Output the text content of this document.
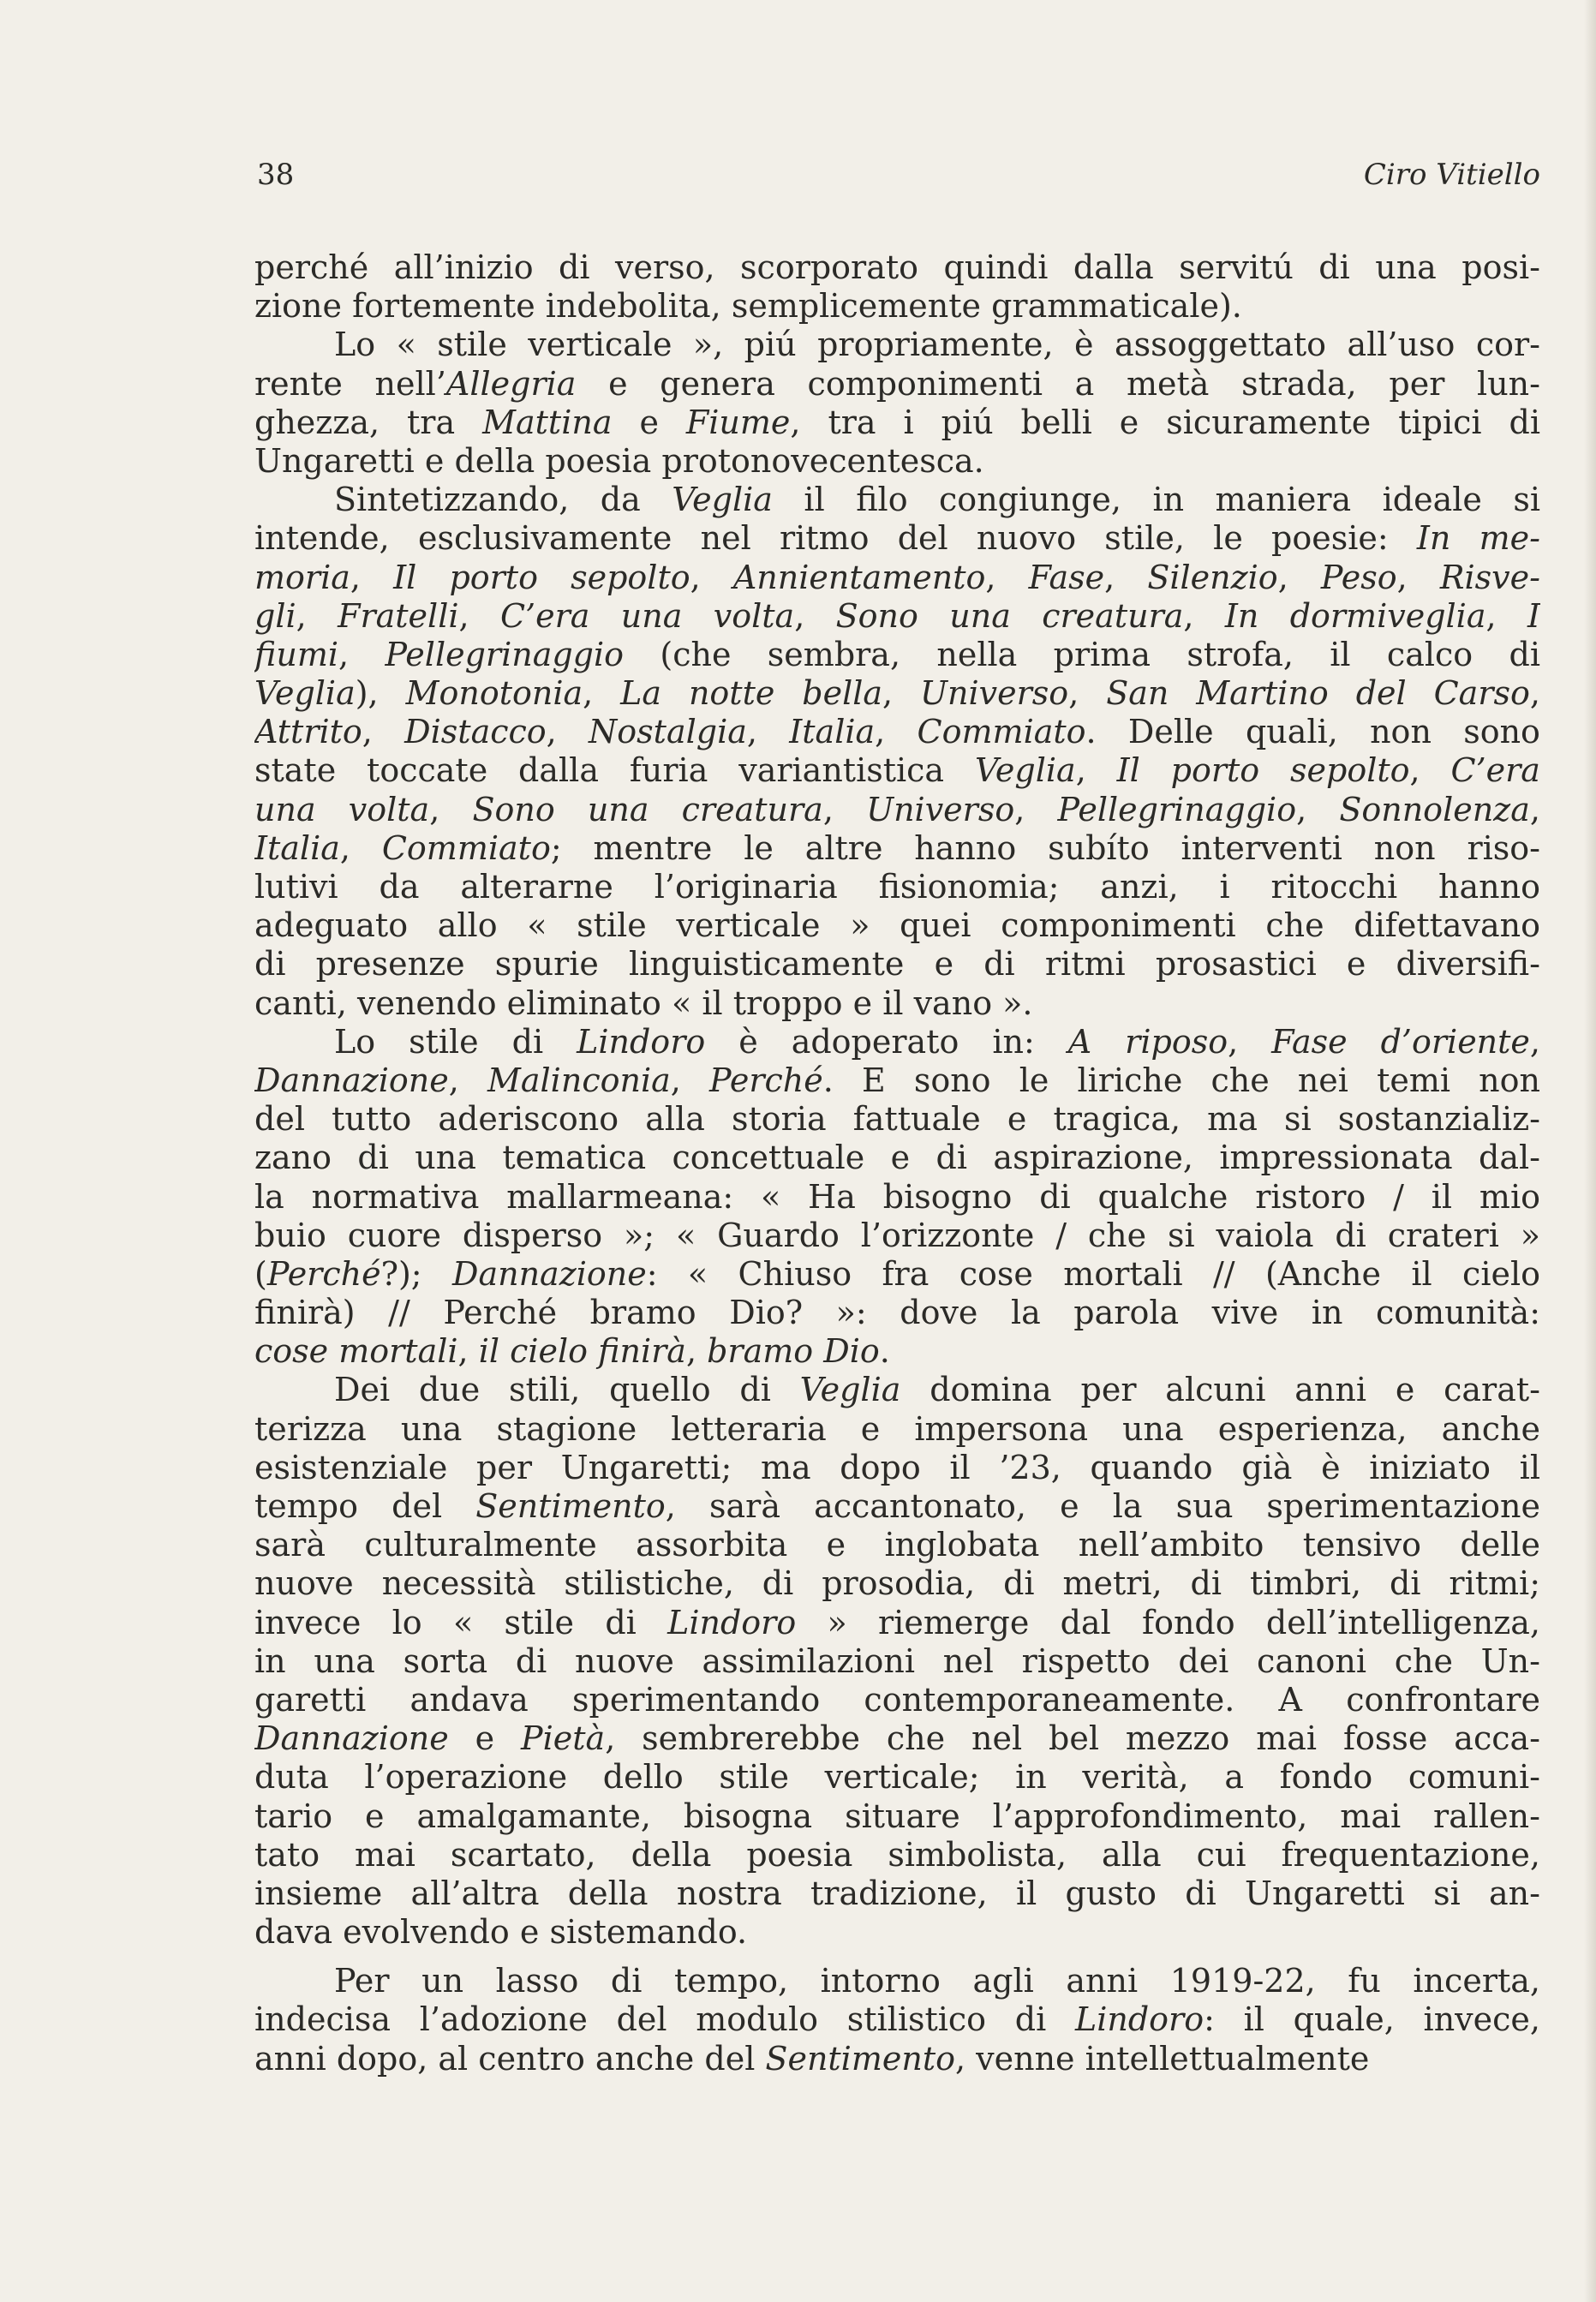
38	Ciro Vitiello
perché all’inizio di verso, scorporato quindi dalla servitú di una posi-
zione fortemente indebolita, semplicemente grammaticale).
Lo « stile verticale », piú propriamente, è assoggettato all’uso cor-
rente nell’Allegria e genera componimenti a metà strada, per lun-
ghezza, tra Mattina e Fiume, tra i piú belli e sicuramente tipici di
Ungaretti e della poesia protonovecentesca.
Sintetizzando, da Veglia il filo congiunge, in maniera ideale si
intende, esclusivamente nel ritmo del nuovo stile, le poesie: In me-
moria, Il porto sepolto, Annientamento, Fase, Silenzio, Peso, Risve-
gli, Fratelli, C’era una volta, Sono una creatura, In dormiveglia, I
fiumi, Pellegrinaggio (che sembra, nella prima strofa, il calco di
Veglia), Monotonia, La notte bella, Universo, San Martino del Carso,
Attrito, Distacco, Nostalgia, Italia, Commiato. Delle quali, non sono
state toccate dalla furia variantistica Veglia, Il porto sepolto, C’era
una volta, Sono una creatura, Universo, Pellegrinaggio, Sonnolenza,
Italia, Commiato; mentre le altre hanno subíto interventi non riso-
lutivi da alterarne l’originaria fisionomia; anzi, i ritocchi hanno
adeguato allo « stile verticale » quei componimenti che difettavano
di presenze spurie linguisticamente e di ritmi prosastici e diversifi-
canti, venendo eliminato « il troppo e il vano ».
Lo stile di Lindoro è adoperato in: A riposo, Fase d’oriente,
Dannazione, Malinconia, Perché. E sono le liriche che nei temi non
del tutto aderiscono alla storia fattuale e tragica, ma si sostanzializ-
zano di una tematica concettuale e di aspirazione, impressionata dal-
la normativa mallarmeana: « Ha bisogno di qualche ristoro / il mio
buio cuore disperso »; « Guardo l’orizzonte / che si vaiola di crateri »
(Perché?); Dannazione: « Chiuso fra cose mortali // (Anche il cielo
finirà) // Perché bramo Dio? »: dove la parola vive in comunità:
cose mortali, il cielo finirà, bramo Dio.
Dei due stili, quello di Veglia domina per alcuni anni e carat-
terizza una stagione letteraria e impersona una esperienza, anche
esistenziale per Ungaretti; ma dopo il ’23, quando già è iniziato il
tempo del Sentimento, sarà accantonato, e la sua sperimentazione
sarà culturalmente assorbita e inglobata nell’ambito tensivo delle
nuove necessità stilistiche, di prosodia, di metri, di timbri, di ritmi;
invece lo « stile di Lindoro » riemerge dal fondo dell’intelligenza,
in una sorta di nuove assimilazioni nel rispetto dei canoni che Un-
garetti andava sperimentando contemporaneamente. A confrontare
Dannazione e Pietà, sembrerebbe che nel bel mezzo mai fosse acca-
duta l’operazione dello stile verticale; in verità, a fondo comuni-
tario e amalgamante, bisogna situare l’approfondimento, mai rallen-
tato mai scartato, della poesia simbolista, alla cui frequentazione,
insieme all’altra della nostra tradizione, il gusto di Ungaretti si an-
dava evolvendo e sistemando.
Per un lasso di tempo, intorno agli anni 1919-22, fu incerta,
indecisa l’adozione del modulo stilistico di Lindoro: il quale, invece,
anni dopo, al centro anche del Sentimento, venne intellettualmente
